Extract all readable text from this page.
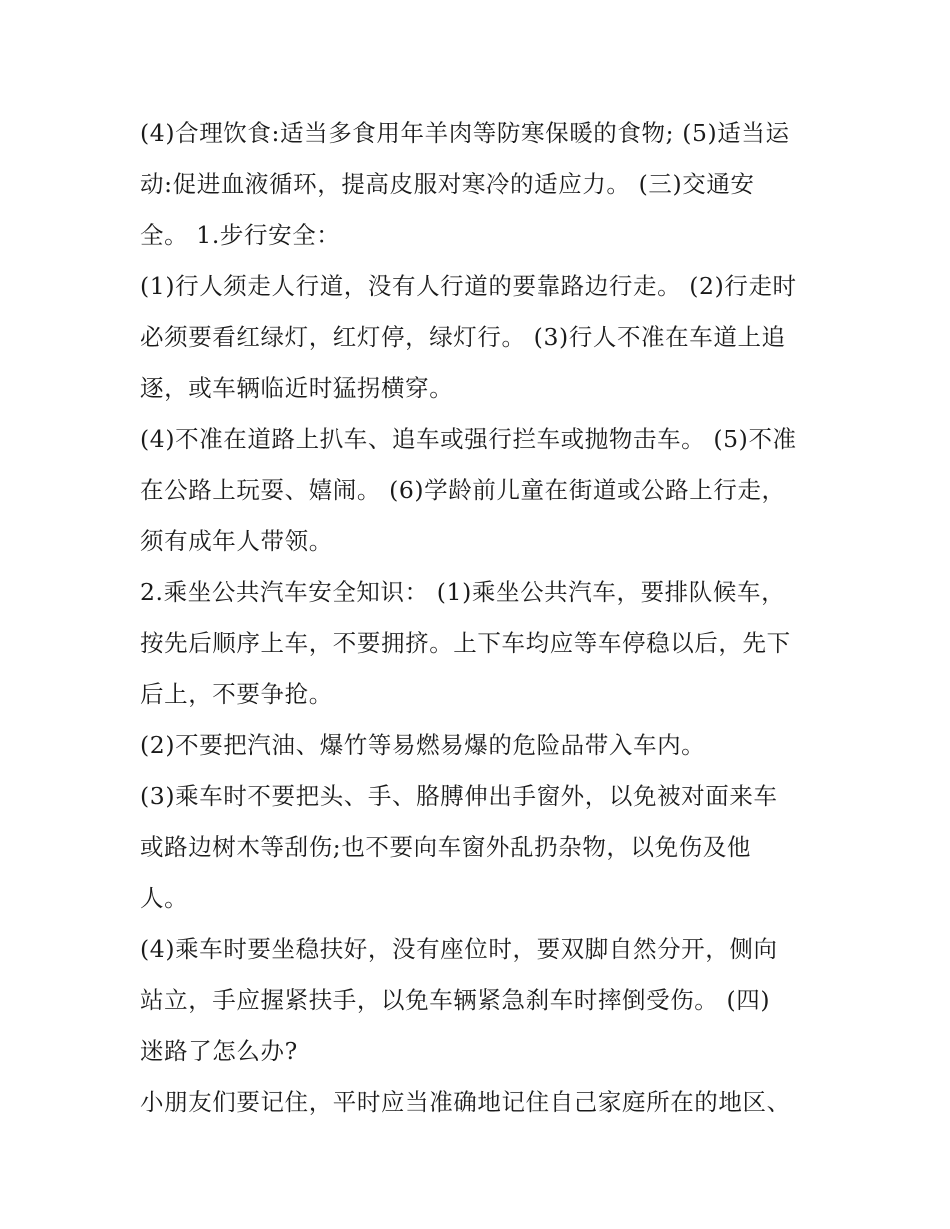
(4)合理饮食:适当多食用年羊肉等防寒保暖的食物; (5)适当运
动:促进血液循环，提高皮服对寒冷的适应力。 (三)交通安
全。 1.步行安全：
(1)行人须走人行道，没有人行道的要靠路边行走。 (2)行走时
必须要看红绿灯，红灯停，绿灯行。 (3)行人不准在车道上追
逐，或车辆临近时猛拐横穿。
(4)不准在道路上扒车、追车或强行拦车或抛物击车。 (5)不准
在公路上玩耍、嬉闹。 (6)学龄前儿童在街道或公路上行走，
须有成年人带领。
2.乘坐公共汽车安全知识： (1)乘坐公共汽车，要排队候车，
按先后顺序上车，不要拥挤。上下车均应等车停稳以后，先下
后上，不要争抢。
(2)不要把汽油、爆竹等易燃易爆的危险品带入车内。
(3)乘车时不要把头、手、胳膊伸出手窗外，以免被对面来车
或路边树木等刮伤;也不要向车窗外乱扔杂物，以免伤及他
人。
(4)乘车时要坐稳扶好，没有座位时，要双脚自然分开，侧向
站立，手应握紧扶手，以免车辆紧急刹车时摔倒受伤。 (四)
迷路了怎么办?
小朋友们要记住，平时应当准确地记住自己家庭所在的地区、
